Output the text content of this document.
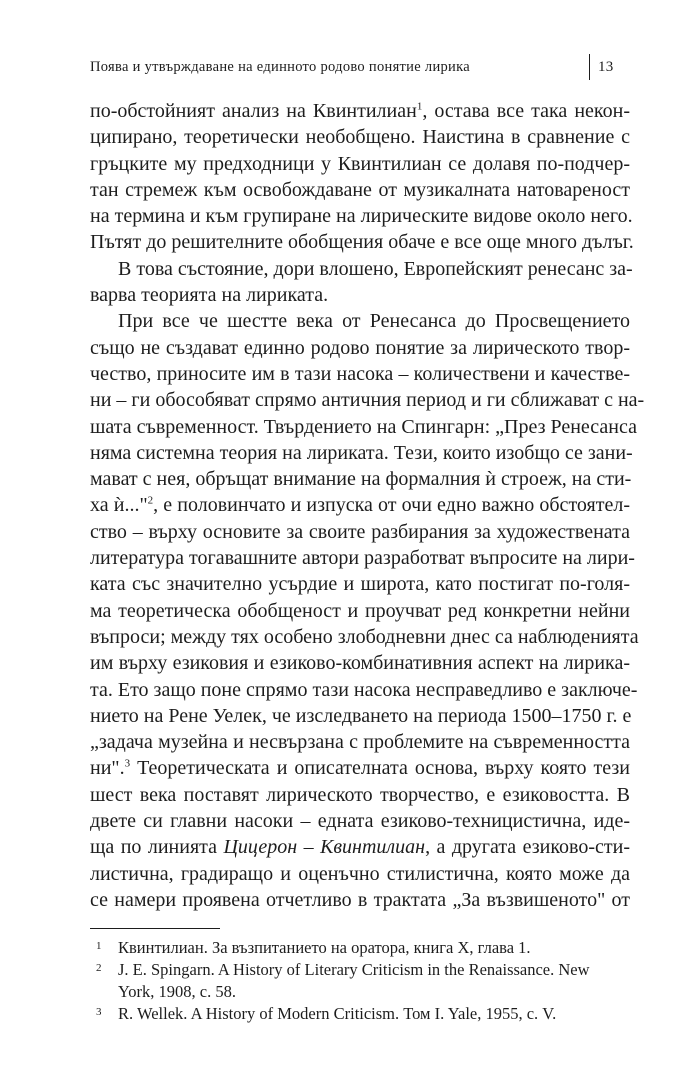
Поява и утвърждаване на единното родово понятие лирика	13

по-обстойният анализ на Квинтилиан$^1$, остава все така некон-
ципирано, теоретически необобщено. Наистина в сравнение с
гръцките му предходници у Квинтилиан се долавя по-подчер-
тан стремеж към освобождаване от музикалната натовареност
на термина и към групиране на лирическите видове около него.
Пътят до решителните обобщения обаче е все още много дълъг.

В това състояние, дори влошено, Европейският ренесанс за-
варва теорията на лириката.

При все че шестте века от Ренесанса до Просвещението
също не създават единно родово понятие за лирическото твор-
чество, приносите им в тази насока – количествени и качестве-
ни – ги обособяват спрямо античния период и ги сближават с на-
шата съвременност. Твърдението на Спингарн: „През Ренесанса
няма системна теория на лириката. Тези, които изобщо се зани-
мават с нея, обръщат внимание на формалния ѝ строеж, на сти-
ха ѝ..."$^2$, е половинчато и изпуска от очи едно важно обстоятел-
ство – върху основите за своите разбирания за художествената
литература тогавашните автори разработват въпросите на лири-
ката със значително усърдие и широта, като постигат по-голя-
ма теоретическа обобщеност и проучват ред конкретни нейни
въпроси; между тях особено злободневни днес са наблюденията
им върху езиковия и езиково-комбинативния аспект на лирика-
та. Ето защо поне спрямо тази насока несправедливо е заключе-
нието на Рене Уелек, че изследването на периода 1500–1750 г. е
„задача музейна и несвързана с проблемите на съвременността
ни".$^3$ Теоретическата и описателната основа, върху която тези
шест века поставят лирическото творчество, е езиковостта. В
двете си главни насоки – едната езиково-техницистична, иде-
ща по линията Цицерон – Квинтилиан, а другата езиково-сти-
листична, градиращо и оценъчно стилистична, която може да
се намери проявена отчетливо в трактата „За възвишеното" от

1 Квинтилиан. За възпитанието на оратора, книга X, глава 1.
2 J. E. Spingarn. A History of Literary Criticism in the Renaissance. New
York, 1908, с. 58.
3 R. Wellek. A History of Modern Criticism. Том I. Yale, 1955, с. V.
